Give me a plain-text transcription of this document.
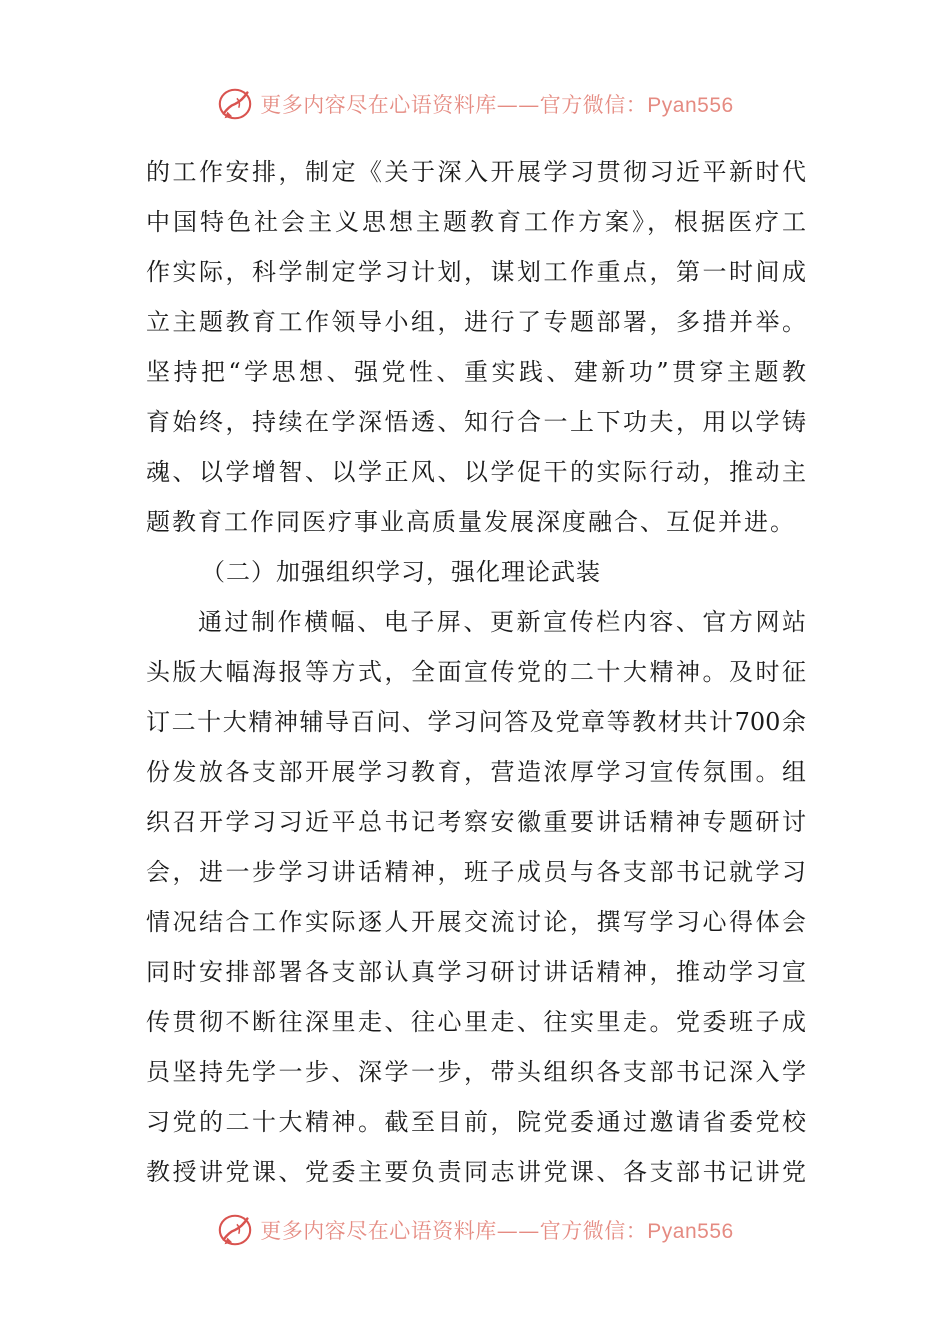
更多内容尽在心语资料库——官方微信：Pyan556
的工作安排，制定《关于深入开展学习贯彻习近平新时代
中国特色社会主义思想主题教育工作方案》，根据医疗工
作实际，科学制定学习计划，谋划工作重点，第一时间成
立主题教育工作领导小组，进行了专题部署，多措并举。
坚持把“学思想、强党性、重实践、建新功”贯穿主题教
育始终，持续在学深悟透、知行合一上下功夫，用以学铸
魂、以学增智、以学正风、以学促干的实际行动，推动主
题教育工作同医疗事业高质量发展深度融合、互促并进。
（二）加强组织学习，强化理论武装
通过制作横幅、电子屏、更新宣传栏内容、官方网站
头版大幅海报等方式，全面宣传党的二十大精神。及时征
订二十大精神辅导百问、学习问答及党章等教材共计700余
份发放各支部开展学习教育，营造浓厚学习宣传氛围。组
织召开学习习近平总书记考察安徽重要讲话精神专题研讨
会，进一步学习讲话精神，班子成员与各支部书记就学习
情况结合工作实际逐人开展交流讨论，撰写学习心得体会
同时安排部署各支部认真学习研讨讲话精神，推动学习宣
传贯彻不断往深里走、往心里走、往实里走。党委班子成
员坚持先学一步、深学一步，带头组织各支部书记深入学
习党的二十大精神。截至目前，院党委通过邀请省委党校
教授讲党课、党委主要负责同志讲党课、各支部书记讲党
更多内容尽在心语资料库——官方微信：Pyan556
